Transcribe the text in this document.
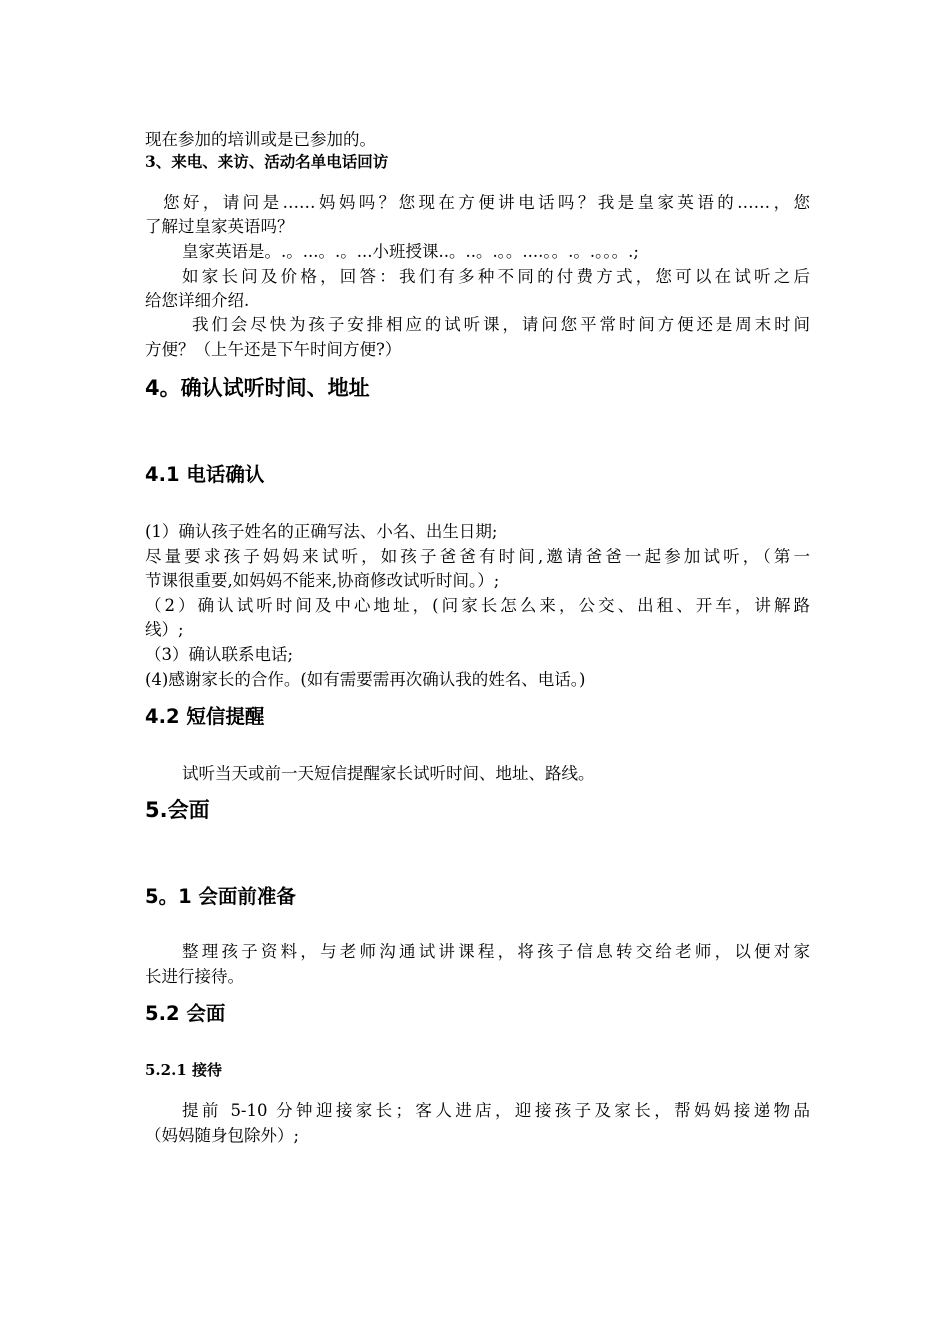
现在参加的培训或是已参加的。

3、来电、来访、活动名单电话回访

您好，请问是……妈妈吗？您现在方便讲电话吗？我是皇家英语的……，您

了解过皇家英语吗？

皇家英语是。.。...。.。...小班授课..。..。.。。....。。.。.。。。.;

如家长问及价格，回答：我们有多种不同的付费方式，您可以在试听之后

给您详细介绍.

我们会尽快为孩子安排相应的试听课，请问您平常时间方便还是周末时间

方便？（上午还是下午时间方便?）

4。确认试听时间、地址

4.1 电话确认

(1）确认孩子姓名的正确写法、小名、出生日期;

尽量要求孩子妈妈来试听，如孩子爸爸有时间,邀请爸爸一起参加试听，（第一

节课很重要,如妈妈不能来,协商修改试听时间。）;

（2）确认试听时间及中心地址，(问家长怎么来，公交、出租、开车，讲解路

线）;

（3）确认联系电话;

(4)感谢家长的合作。(如有需要需再次确认我的姓名、电话。)

4.2 短信提醒

试听当天或前一天短信提醒家长试听时间、地址、路线。

5.会面

5。1 会面前准备

整理孩子资料，与老师沟通试讲课程，将孩子信息转交给老师，以便对家

长进行接待。

5.2 会面

5.2.1 接待

提前 5-10 分钟迎接家长；客人进店，迎接孩子及家长，帮妈妈接递物品

（妈妈随身包除外）;
